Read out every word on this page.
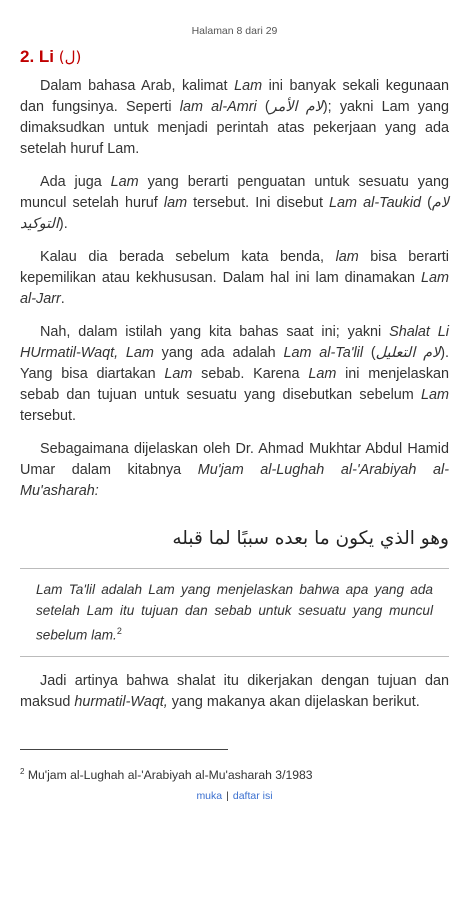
Halaman 8 dari 29
2. Li (ل)

Dalam bahasa Arab, kalimat Lam ini banyak sekali kegunaan dan fungsinya. Seperti lam al-Amri (لام الأمر); yakni Lam yang dimaksudkan untuk menjadi perintah atas pekerjaan yang ada setelah huruf Lam.

Ada juga Lam yang berarti penguatan untuk sesuatu yang muncul setelah huruf lam tersebut. Ini disebut Lam al-Taukid (لام التوكيد).

Kalau dia berada sebelum kata benda, lam bisa berarti kepemilikan atau kekhususan. Dalam hal ini lam dinamakan Lam al-Jarr.

Nah, dalam istilah yang kita bahas saat ini; yakni Shalat Li HUrmatil-Waqt, Lam yang ada adalah Lam al-Ta'lil (لام التعليل). Yang bisa diartakan Lam sebab. Karena Lam ini menjelaskan sebab dan tujuan untuk sesuatu yang disebutkan sebelum Lam tersebut.

Sebagaimana dijelaskan oleh Dr. Ahmad Mukhtar Abdul Hamid Umar dalam kitabnya Mu'jam al-Lughah al-'Arabiyah al-Mu'asharah:

وهو الذي يكون ما بعده سببًا لما قبله
Lam Ta'lil adalah Lam yang menjelaskan bahwa apa yang ada setelah Lam itu tujuan dan sebab untuk sesuatu yang muncul sebelum lam.$^2$

Jadi artinya bahwa shalat itu dikerjakan dengan tujuan dan maksud hurmatil-Waqt, yang makanya akan dijelaskan berikut.

$^2$ Mu'jam al-Lughah al-'Arabiyah al-Mu'asharah 3/1983
muka | daftar isi
